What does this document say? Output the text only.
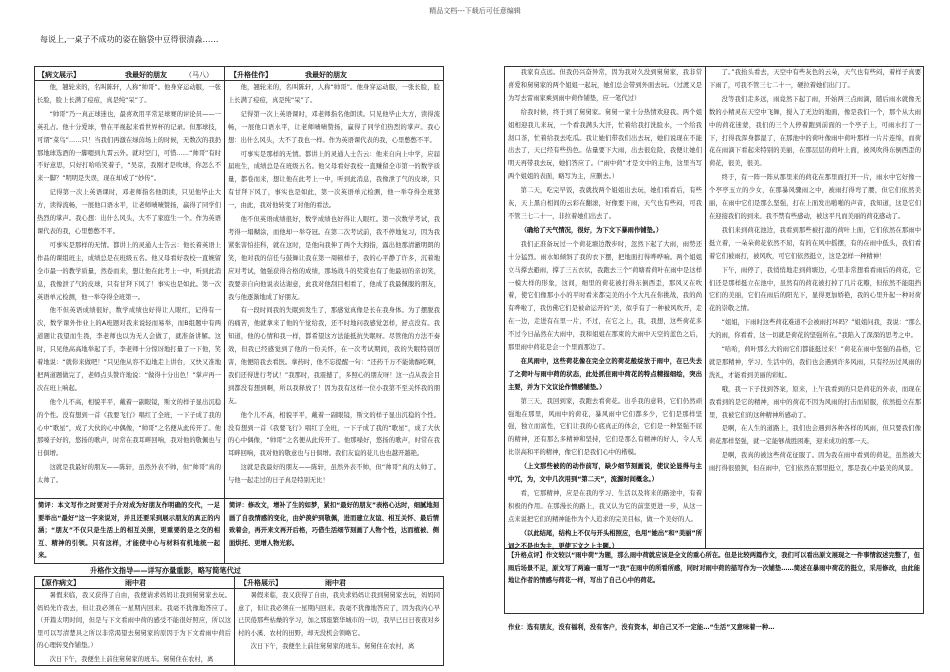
精品文档---下载后可任意编辑
每说上,一桌子不成功的姿在脑袋中豆得很清淼……
【病文展示】	我最好的朋友	（马八） 【升格佳作】	我最好的朋友

他，翘轮来的，名叫陈轩，人称“帅哥”。他身穿运动服，一张长脸，脸上长满了痘痘，真是纯“呆”了。

“帅哥”乃一真正球迷也，最喜欢用平常足球赛的评论员——一英孔占。他十分爱球，曾在平视起来看世界杯的记录。但那球技，可谓“菜鸟”……只！当我们再激在绿茵场上的时候，无数次的我扔那地球选酒的一脚嗯到九霄云外。就对空门，可惜……“帅哥”有时不好意思，只好打哈哈笑着子，“吴京，我刚才是吹球，你怎么不来一脚？”明明是失误，现在却成了“妙传”。

记得第一次上英语课时，邓老师指名他朗读，只见他毕止大方，读得流畅，一展他口语水平，让老师啧啧赞扬，赢得了同学们热烈的掌声。我心想：出什么风头，大不了家庭生一个。作为英语课代表的我，心里憋憋不平。

可事实是那样的无情。都讲上的灵通人士告云：他长着英语上作品的课组班主，成绩总是在班级五名。他又母看好我校一直婉留全市最一的教学质量，然卷而来，想让他在此考上一中，听到此消息，我像泄了气的皮球，只有甘拜下风了！事实也是如此。第一次英语单元检测，他一举夺得全班第一。

他不但英语成绩很好，数学成绩也好得让人眼红，记得有一次，数学课外作业上的A班题对我来说轻而易举，而B组题中有两道题让我望而生畏，李老师也以为无人会做了，就准备讲解。这时，只见他高高地举起了手，李老师十分惊讶地打量了一下他，笑着地说：“就你来做吧！”只见他从容不迫地走上讲台，又快又准地把两道题做完了，老师点头赞许地说：“做得十分出色！”掌声再一次在班上响起。

他个儿不高，相貌平平，戴着一副眼镜，斯文的样子显出沉稳的个性。没有想到一首《我要飞行》唱红了全班，一下子成了我的心中“歌星”，成了大伙的心中偶像，“帅哥”之名便从此传开了。他那嗓子好的，悠扬的歌声，时常在我耳畔回响，我对他的敬佩也与日俱增。

这就是我最好的朋友——陈轩，虽然外表不帅，但“帅哥”真的太帅了。

他，翘轮来的，名叫陈轩，人称“帅哥”。他身穿运动服，一张长脸，脸上长满了痘痘，真是纯“呆”了。

记得第一次上英语课时，邓老师指名他朗读。只见他毕止大方，读得流畅，一展他口语水平，让老师啧啧赞扬，赢得了同学们热烈的掌声。我心想：出什么风头，大不了我也一样。作为英语课代表的我，心里憋憋不平。

可事实是那样的无情。都讲上的灵通人士告云：他来自向上中学，应届届班生，成绩总是在班级五名。他父母看好我校一直赚留全市第一的数学质量，都卷而来，想让他在此考上一中，听到此消息，我像泄了气的皮球，只有甘拜下风了，事实也是如此，第一次英语单元检测，他一举夺得全班第一，由此，我对他转变了对他的看法。

他不但英语成绩很好，数学成绩也好得让人眼红。第一次数学考试，我考得一塌糊涂，而他却一举夺冠。在第二次考试前，我不停地复习，因为我紧张害怕挂科，就在这时，是他向我伸了两个大拇指，露出他那清澈明朗的笑，他对我的信任与鼓舞让我在第一周顿样子，我的心平静了许多，沉着地应对考试，勉强获得合格的成绩，那场战斗的奖赏也有了他最初的亲切笑，我要亲自向他说表达谢意，此我对他刮目相看了，他成了我最佩服的朋友，我与他逐渐地成了好朋友。

有一段时间我的失眠到发生了，那感觉真像是长在我身体。为了摆脱我的痛苦，他就拿来了他的午觉给我，还不时地问我感觉怎样，舒点没有。我知道，他的心情和我一样，都希望这方法能抵抗失眠呀。尽管他的方法不奏效，但我已经感觉到了他的一份关怀，在一次考试期间，我的失眠特别厉害，他便陪我去看医。拿药时，他不忘提醒一句：“还药千万不能勋醇吃啊，我们还得进行考试！”我那时，我震撼了，多照心的朋友呀！这一点从我会目到都没有想到啊，所以我释放了！因为我有这样一位小我第不至关怀我的朋友。

他个儿不高，相貌平平，戴着一副眼镜，斯文的样子显出沉稳的个性。没有想到一首《我要飞行》唱红了全班，一下子成了我的“歌星”，成了大伙的心中偶像，“帅哥”之名便从此传开了。他那嗓好，悠扬的歌声，时常在我耳畔回响，我对他的敬意也与日俱增。我们友谊的花儿也也越开越艳。

这就是我最好的朋友——陈轩，虽然外表不帅，但“帅哥”真的太帅了。与他一起走过的日子真是特别无比！

简评：本文写作之时要对于介对成为好朋友作明确的交代，一足要举出“最好”这一字来说对，并且还要采到展示朋友的真正的内涵；“朋友”不仅只是生活上的相互关照，更重要的是之交的相互、精神的引领。只有这样，才能使中心与材料有机地统一起来。
简评：修改文，增补了生的如梦，紧扣“最好的朋友”表格心达时，细腻地刻画了自我情感的变化，由妒羡妒到敬佩，进而建立友谊、相互关怀、最后情致着会，再开来文再开后格，巧借生活细节刻画了人物个性，达而植被、侧面烘托、更增人物光彩。
升格作文指导——详写亦量重影，略写简笔代过
【原作病文】	雨中君	【升格展示】	雨中君

暑假来临，我又获得了自由，我便请求妈妈让我到舅舅家去玩。妈妈先许我去，但让我必须在一星期内回来。我毫不犹豫地答应了。（开篇太明时间，但是与下文看雨中荷的感受不能很好照应，所以这里可以写清楚具之所以非常渴望去舅舅家的原因于为下文看雨中荷后的心理转变作铺垫。）

次日下午，我便坐上前往舅舅家的班车。舅舅住在农村，离

暑假来临，我又获得了自由，我央求妈妈让我到舅舅家去玩，妈妈同意了，但让我必须在一星期内回来。我毫不犹豫地答应了，因为我内心早已厌倦那些枯燥的学习，加之那座繁华城市的一切，我早已日日夜夜对乡村的小溪、农村的田野，却无没机会领略它。

次日下午，我便坐上前往舅舅家的班车。舅舅住在农村，离

我家有点远。但我仍兴奋异常，因为我对久没到舅舅家，我非常喜爱和舅舅家的两个姐姐一起玩，她们总会带到外面去玩。（过渡又是为写去雷雨家乘到雨中荷作铺垫，应一笔代过）

给我时候，终于到了舅舅家。舅舅一家十分热情欢迎我。两个姐姐相迎我儿来玩，一个看我满头大汗，忙着给我打洗脸水，一个给我沏口茶，忙着给我去吃瓜。我让她们带我们出去玩，她们说现在不能出去了，天已经有些热色。估量要下大雨，出去很危险，我便让她们明天再带我去玩，她们答应了。（“雨中荷”才是文中的主角，这里当写两个姐姐的表面，略写为主，应删去。）

第二天，吃完早饭，我就找两个姐姐出去玩，她们看看后，有些灰，天上黑自相间的云彩在翻滚，好像要下雨，天气也有些闷，可我不管三七二十一，非拉着她们出去了。

（确给了天气情况，很好，为下文下暴雨作铺垫。）

我们正准备玩过一个荷花塘边散步时，忽然下起了大雨，雨势还十分猛烈。雨水如倾斜了我的衣下摆，把地面打得哗哗响。两个姐姐立马撑去避雨，撑了三五衣状，我跑去三个“荷塘看荷叶在雨中是这样一模大样的形象，这间，细里的荷花被打得东倒西歪，那风又在吹着，使它们像那小小的平时看来都完美的小个大凡在你挑战，我的尚有哗啦了，我仿佛它们是被命运开的“美，似乎有了一种被风吹开，走在一边，走进有在里一片，不过，在它之上，我，我想，这些荷花多不过今日晶然在大雨中，我和姐姐在那束的大雨中天空的蓝色之后，那里雨中荷花是会一个里面那边了。

在风雨中，这些荷花像在完全立的荷花般绽放于雨中，在已失去了之荷叶与雨中荷的状态，此处抓住雨中荷花的特点精描细绘，突出主要，并为下文议论作情感铺垫。）

第三天，我回到家，我跑去看荷花。出乎我的意料，它们仍然顽强地在那里，风雨中的荷花，暴风雨中它们都多少，它们是那样坚强，独立而富性，它们让我的心底真正的体会，它们是一种坚强不屈的精神，还有那么多精神和坚持，它们是那么有精神的好人，令人无比崇高和平的精神，像它们是我们心中的楷模。

（上文那些被的的动作前写，缺少细节刻画说，使议论显得与主中冗，为，文中几次用到“第二天”，流源时间概念。）

看，它那精神，应是在我的学习、生活以及将来的路途中，有着积极的作用。在那漫长的路上，我又认为它的前坚更进一步，从这一点来说把它们的精神能作为个人追求的完美目标，做一个美好的人。

（以此结尾，结构上不仅与开头相照应，也用“她出”和“美丽”所词之不是也为主，更使下文之上主题。）

了。”我抬头看去，天空中有些灰色的云朵，天气也有些闷，着样子真要下雨了，可我不管三七二十一，硬拉着她们出门了。

没等我们走多远，雨竟然下起了雨，开始两三点雨滴，随后雨水就像无数的小精灵在天空中飞舞，搅入了无边的地面，像是我们一个，那个从大雨中的荷花迷蒙，我们的三个人停着跑到前面的一个亭子上，可雨水打了一下，打得我浑身都湿了，在那池中的荷叶像雨中荷叶那样一片片连绵，而荷花在雨滴下看起来特别的美丽，在那层层的荷叶上面，被风吹得东倒西歪的荷花，很美，很美。

终于，有一阵一阵从那里来的荷花在那里面打开一片，雨水中它好像一个亭亭玉立的少女，在那暴风骤雨之中，被雨打得弯了腰，但它们依然美丽，在雨中它们是那么坚强，打在上面发出啪啪的声音，我知道，这是它们在迎接我们的到来。我不禁有些感动，被这平凡而美丽的荷花感动了。

我们来到荷花池边，我看到那些被打湿的荷叶上面，它们依然在那雨中挺立着，一朵朵荷花依然不屈，有的在风中摇摆，有的在雨中低头，我们看着它们被雨打，被风吹，可它们依然挺立，这是怎样一种精神！

下午，雨停了，我悄悄地走到荷塘边，心里非常想看看雨后的荷花，它们还是那样挺立在池中，虽然有的荷花被打掉了几片花瓣，但依然不能阻挡它们的美丽，它们在雨后的阳光下，显得更加娇艳，我的心里升起一种对荷花的崇敬之情。

“姐姐，下雨时这些荷花难道不会被雨打坏吗？”姐姐问我，我说：“那么大的雨，你看看，这一切就是荷花的坚强所在。”我陷入了深深的思考之中。

“哈哈，荷叶那么大的雨它们都能挺过来！”荷花在雨中坚强的品格，它就是那精神，学习、生活中的，我们也会遇到许多风雨，只有经历过风雨的洗礼，才能看到美丽的彩虹。

哦，我一下子找到答案，原来，上午我看到的只是荷花的外表，而现在我看到的是它的精神，雨中的荷花不因为风雨的打击而屈服，依然挺立在那里，我被它们的这种精神所感动了。

是啊，在人生的道路上，我们也会遇到各种各样的风雨，但只要我们像荷花那样坚强，就一定能够战胜困难，迎来成功的那一天。

是啊，我真的被这些荷花征服了。因为我在雨中看到的荷花，虽然被大雨打得很狼狈，但在雨中，它们依然在那里挺立，那是我心中最美的风景。

【升格点评】作文较以“雨中荷”为题，那么雨中荷就应该是全文的重心所在。但是比较两篇作文，我们可以看出原文展现之一件事情叙述完整了，但雨后场景不足，原文写了两遍一重写一“我”在雨中的所看所感，同时对雨中荷的描写作为一次铺垫……简述在暴雨中荷花的挺立，采用修改，由此能地让作者的情感与荷花一样，写出了自己心中的荷花。
作业：选有朋友，没有福利，没有客户，没有资本，却自己又不一定能…“生活”又意味着一种…
